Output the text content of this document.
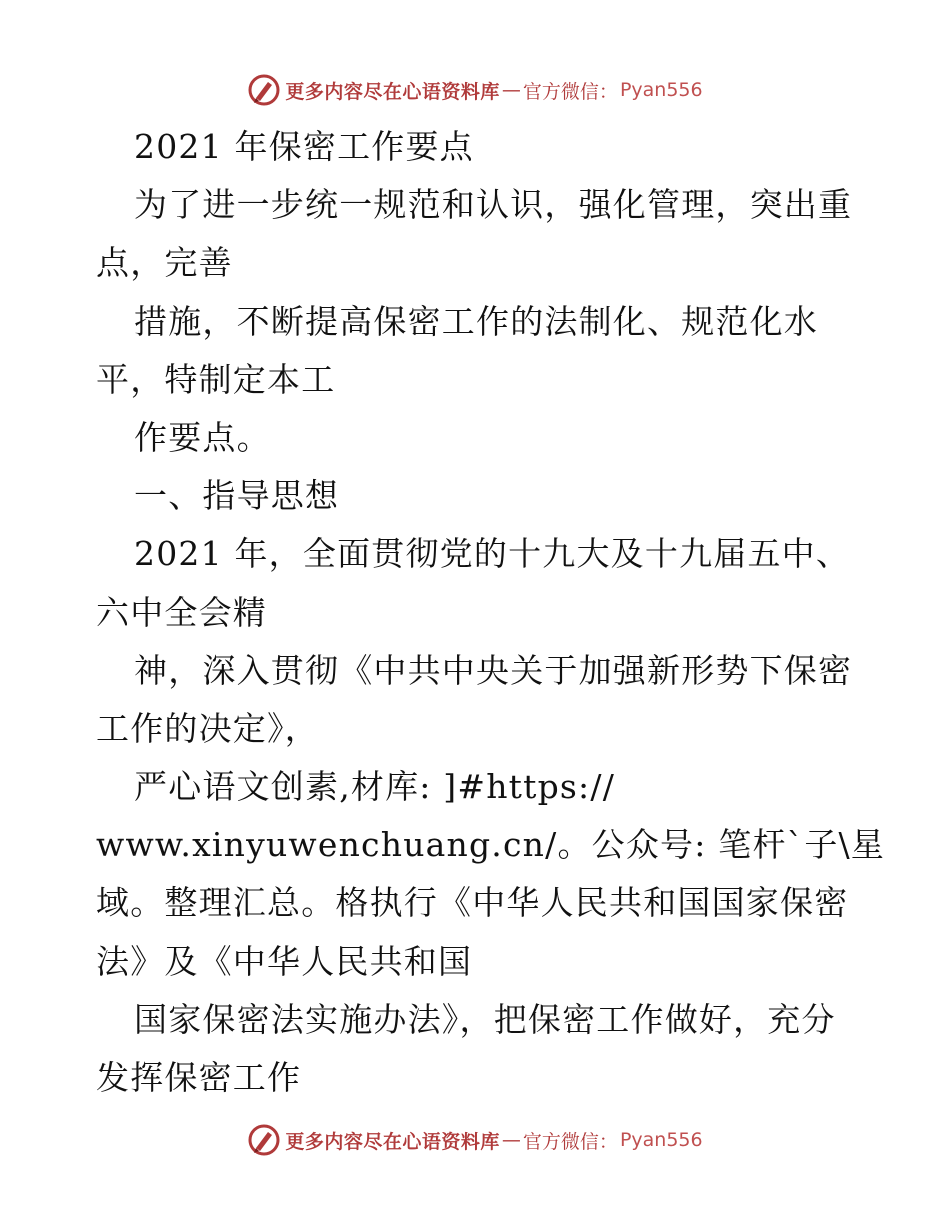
更多内容尽在心语资料库 — 官方微信： Pyan556
2021 年保密工作要点
为了进一步统一规范和认识，强化管理，突出重
点，完善
措施，不断提高保密工作的法制化、规范化水
平，特制定本工
作要点。
一、指导思想
2021 年，全面贯彻党的十九大及十九届五中、
六中全会精
神，深入贯彻《中共中央关于加强新形势下保密
工作的决定》，
严心语文创素,材库: ]#https://
www.xinyuwenchuang.cn/。公众号: 笔杆`子\星
域。整理汇总。格执行《中华人民共和国国家保密
法》及《中华人民共和国
国家保密法实施办法》，把保密工作做好，充分
发挥保密工作
更多内容尽在心语资料库 — 官方微信： Pyan556
